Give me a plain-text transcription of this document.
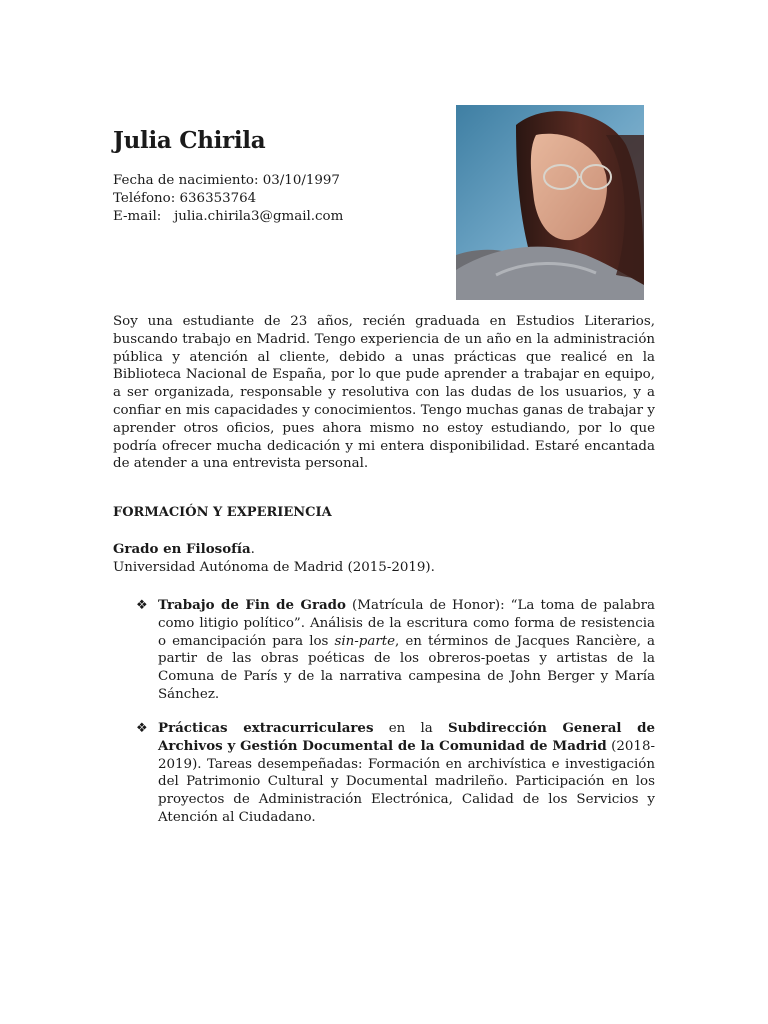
Julia Chirila
Fecha de nacimiento: 03/10/1997
Teléfono: 636353764
E-mail: julia.chirila3@gmail.com

Soy una estudiante de 23 años, recién graduada en Estudios Literarios, buscando trabajo en Madrid. Tengo experiencia de un año en la administración pública y atención al cliente, debido a unas prácticas que realicé en la Biblioteca Nacional de España, por lo que pude aprender a trabajar en equipo, a ser organizada, responsable y resolutiva con las dudas de los usuarios, y a confiar en mis capacidades y conocimientos. Tengo muchas ganas de trabajar y aprender otros oficios, pues ahora mismo no estoy estudiando, por lo que podría ofrecer mucha dedicación y mi entera disponibilidad. Estaré encantada de atender a una entrevista personal.

FORMACIÓN Y EXPERIENCIA
Grado en Filosofía.
Universidad Autónoma de Madrid (2015-2019).
❖ Trabajo de Fin de Grado (Matrícula de Honor): “La toma de palabra como litigio político”. Análisis de la escritura como forma de resistencia o emancipación para los sin-parte, en términos de Jacques Rancière, a partir de las obras poéticas de los obreros-poetas y artistas de la Comuna de París y de la narrativa campesina de John Berger y María Sánchez.
❖ Prácticas extracurriculares en la Subdirección General de Archivos y Gestión Documental de la Comunidad de Madrid (2018-2019). Tareas desempeñadas: Formación en archivística e investigación del Patrimonio Cultural y Documental madrileño. Participación en los proyectos de Administración Electrónica, Calidad de los Servicios y Atención al Ciudadano.
